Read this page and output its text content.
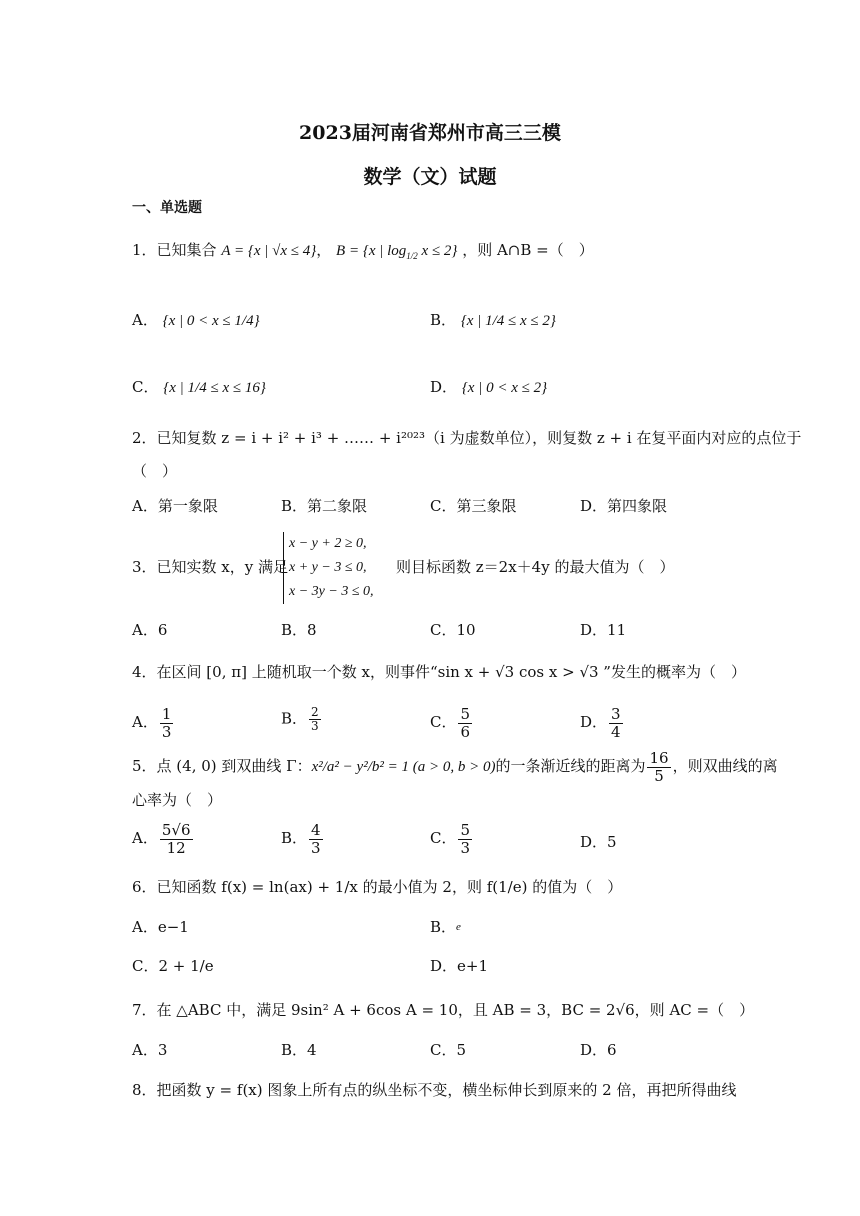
2023届河南省郑州市高三三模
数学（文）试题
一、单选题
1．已知集合 A = {x | √x ≤ 4}， B = {x | $\log_{1/2} x \le 2$} ，则 A∩B =（　）
A． {x | 0 < x ≤ 1/4}	B． {x | 1/4 ≤ x ≤ 2}
C． {x | 1/4 ≤ x ≤ 16}	D． {x | 0 < x ≤ 2}
2．已知复数 z = i + i² + i³ + …… + i²⁰²³（i 为虚数单位），则复数 z + i 在复平面内对应的点位于
（　）
A．第一象限	B．第二象限	C．第三象限	D．第四象限
3．已知实数 x，y 满足
x − y + 2 ≥ 0,
x + y − 3 ≤ 0,
x − 3y − 3 ≤ 0,
则目标函数 z＝2x＋4y 的最大值为（　）
A．6	B．8	C．10	D．11
4．在区间 [0, π] 上随机取一个数 x，则事件“sin x + √3 cos x > √3 ”发生的概率为（　）
A． $\frac{1}{3}$	B． $\frac{2}{3}$	C． $\frac{5}{6}$	D． $\frac{3}{4}$
5．点 (4, 0) 到双曲线 Γ：x²/a² − y²/b² = 1 (a > 0, b > 0)的一条渐近线的距离为 $\frac{16}{5}$ ，则双曲线的离
心率为（　）
A． $\frac{5√6}{12}$	B． $\frac{4}{3}$	C． $\frac{5}{3}$	D．5
6．已知函数 f(x) = ln(ax) + 1/x 的最小值为 2，则 f(1/e) 的值为（　）
A．e−1	B．$^e$
C．2 + 1/e	D．e+1
7．在 △ABC 中，满足 9sin² A + 6cos A = 10，且 AB = 3，BC = 2√6，则 AC =（　）
A．3	B．4	C．5	D．6
8．把函数 y = f(x) 图象上所有点的纵坐标不变，横坐标伸长到原来的 2 倍，再把所得曲线
